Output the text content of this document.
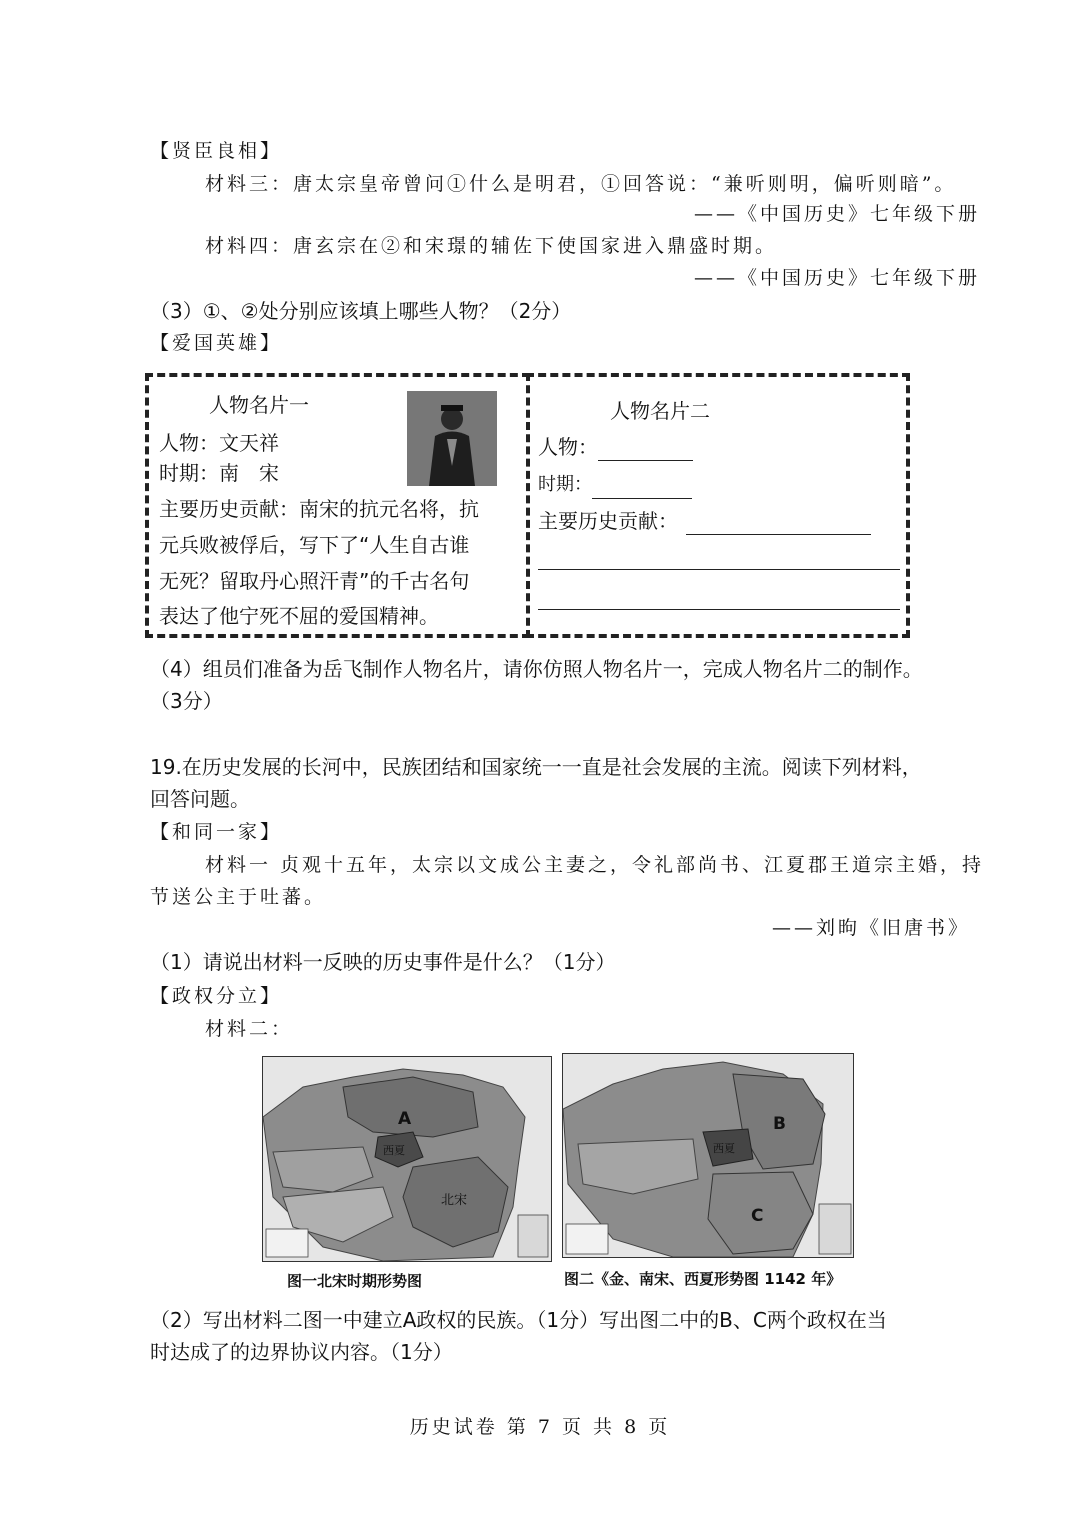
【贤臣良相】
材料三：唐太宗皇帝曾问①什么是明君，①回答说：“兼听则明，偏听则暗”。
——《中国历史》七年级下册
材料四：唐玄宗在②和宋璟的辅佐下使国家进入鼎盛时期。
——《中国历史》七年级下册
（3）①、②处分别应该填上哪些人物？（2分）
【爱国英雄】
人物名片一
人物：文天祥
时期：南　宋
主要历史贡献：南宋的抗元名将，抗
元兵败被俘后，写下了“人生自古谁
无死？留取丹心照汗青”的千古名句
表达了他宁死不屈的爱国精神。
人物名片二
人物：
时期：
主要历史贡献：
（4）组员们准备为岳飞制作人物名片，请你仿照人物名片一，完成人物名片二的制作。
（3分）
19.在历史发展的长河中，民族团结和国家统一一直是社会发展的主流。阅读下列材料，
回答问题。
【和同一家】
材料一 贞观十五年，太宗以文成公主妻之，令礼部尚书、江夏郡王道宗主婚，持
节送公主于吐蕃。
——刘昫《旧唐书》
（1）请说出材料一反映的历史事件是什么？（1分）
【政权分立】
材料二：
A
西夏
北宋
图一北宋时期形势图
B
西夏
C
图二《金、南宋、西夏形势图 1142 年》
（2）写出材料二图一中建立A政权的民族。（1分）写出图二中的B、C两个政权在当
时达成了的边界协议内容。（1分）
历史试卷 第 7 页 共 8 页
